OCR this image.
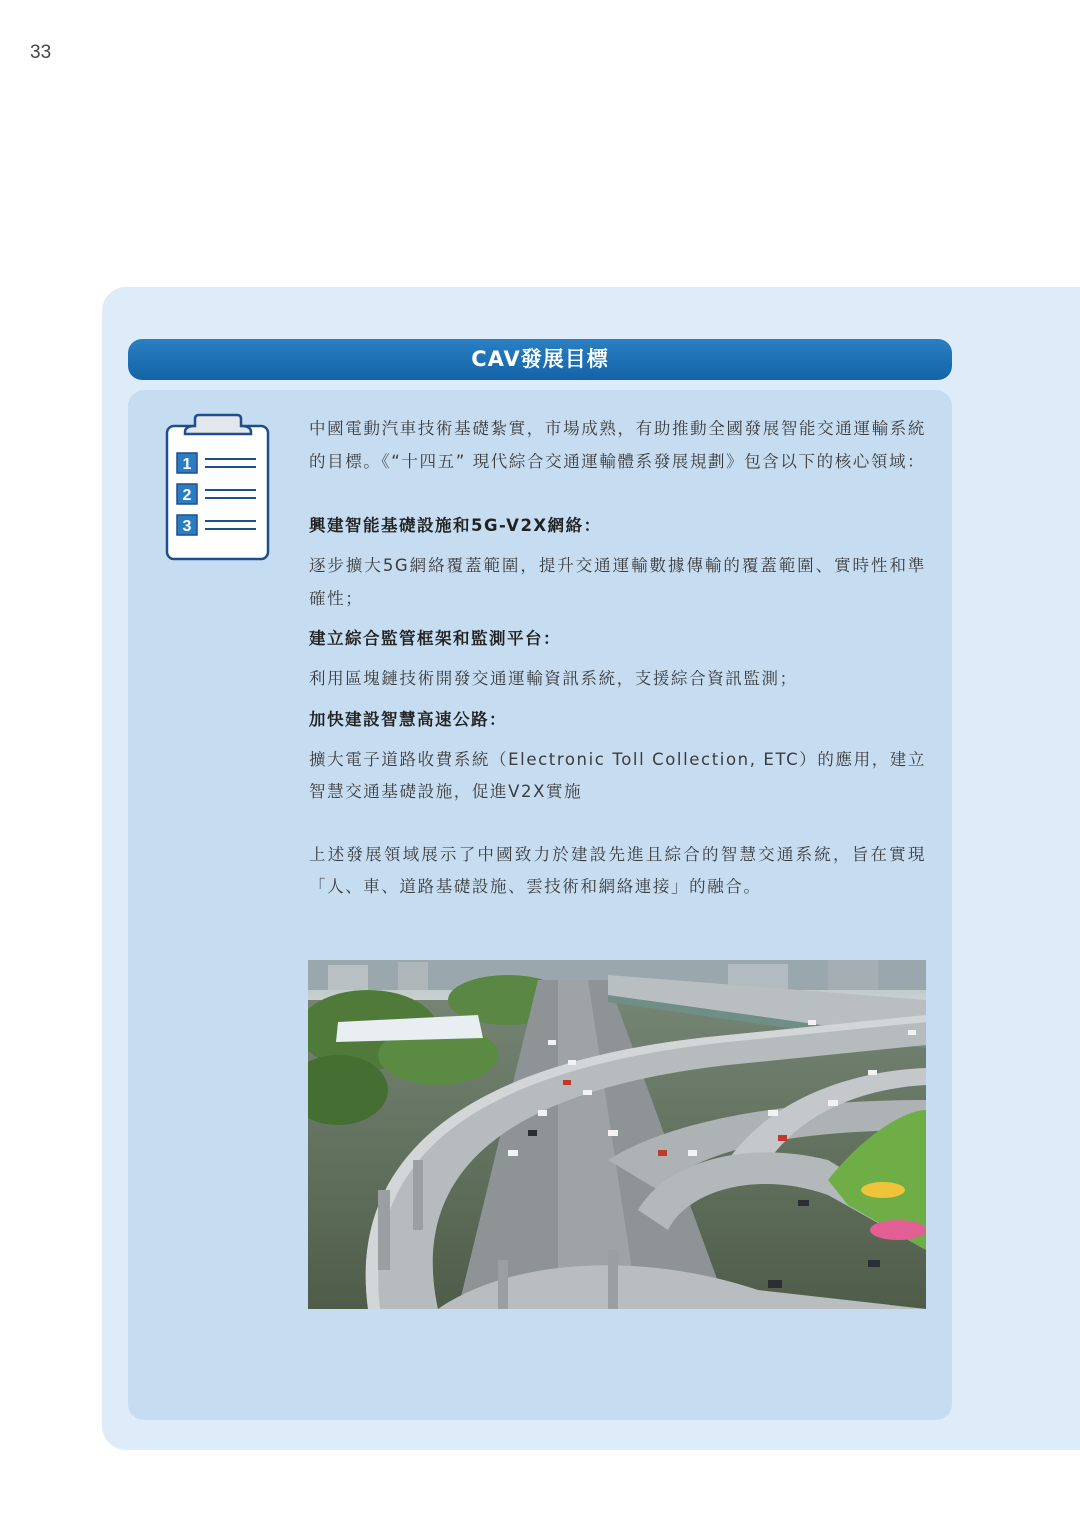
33
CAV發展目標
1
2
3

中國電動汽車技術基礎紮實，市場成熟，有助推動全國發展智能交通運輸系統的目標。《“十四五” 現代綜合交通運輸體系發展規劃》包含以下的核心領域：

興建智能基礎設施和5G-V2X網絡：

逐步擴大5G網絡覆蓋範圍，提升交通運輸數據傳輸的覆蓋範圍、實時性和準確性；

建立綜合監管框架和監測平台：

利用區塊鏈技術開發交通運輸資訊系統，支援綜合資訊監測；

加快建設智慧高速公路：

擴大電子道路收費系統（Electronic Toll Collection, ETC）的應用，建立智慧交通基礎設施，促進V2X實施

上述發展領域展示了中國致力於建設先進且綜合的智慧交通系統，旨在實現「人、車、道路基礎設施、雲技術和網絡連接」的融合。
